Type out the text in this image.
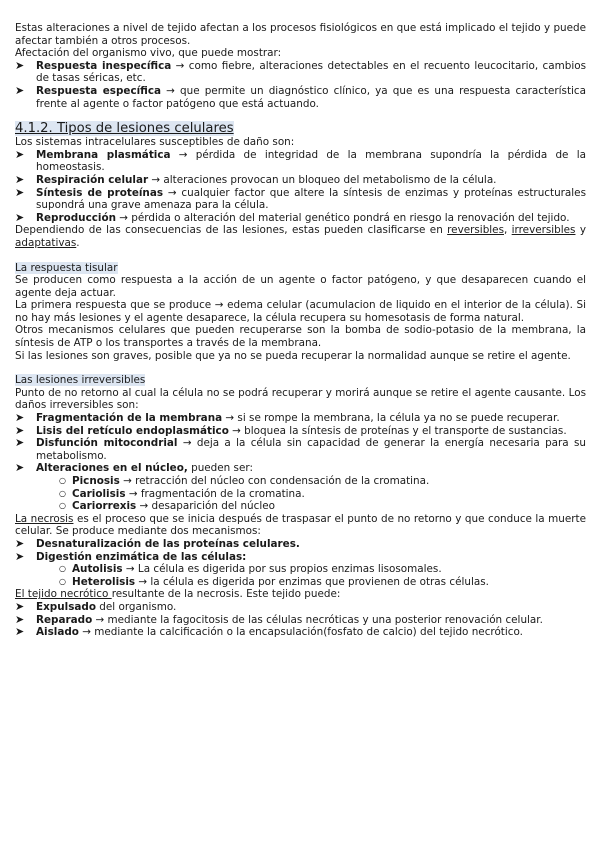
Estas alteraciones a nivel de tejido afectan a los procesos fisiológicos en que está implicado el tejido y puede afectar también a otros procesos.

Afectación del organismo vivo, que puede mostrar:

➤ Respuesta inespecífica → como fiebre, alteraciones detectables en el recuento leucocitario, cambios de tasas séricas, etc.
➤ Respuesta específica → que permite un diagnóstico clínico, ya que es una respuesta característica frente al agente o factor patógeno que está actuando.
4.1.2. Tipos de lesiones celulares

Los sistemas intracelulares susceptibles de daño son:

➤ Membrana plasmática → pérdida de integridad de la membrana supondría la pérdida de la homeostasis.
➤ Respiración celular → alteraciones provocan un bloqueo del metabolismo de la célula.
➤ Síntesis de proteínas → cualquier factor que altere la síntesis de enzimas y proteínas estructurales supondrá una grave amenaza para la célula.
➤ Reproducción → pérdida o alteración del material genético pondrá en riesgo la renovación del tejido.

Dependiendo de las consecuencias de las lesiones, estas pueden clasificarse en reversibles, irreversibles y adaptativas.

La respuesta tisular

Se producen como respuesta a la acción de un agente o factor patógeno, y que desaparecen cuando el agente deja actuar.

La primera respuesta que se produce → edema celular (acumulacion de liquido en el interior de la célula). Si no hay más lesiones y el agente desaparece, la célula recupera su homesotasis de forma natural.

Otros mecanismos celulares que pueden recuperarse son la bomba de sodio-potasio de la membrana, la síntesis de ATP o los transportes a través de la membrana.

Si las lesiones son graves, posible que ya no se pueda recuperar la normalidad aunque se retire el agente.

Las lesiones irreversibles

Punto de no retorno al cual la célula no se podrá recuperar y morirá aunque se retire el agente causante. Los daños irreversibles son:

➤ Fragmentación de la membrana → si se rompe la membrana, la célula ya no se puede recuperar.
➤ Lisis del retículo endoplasmático → bloquea la síntesis de proteínas y el transporte de sustancias.
➤ Disfunción mitocondrial → deja a la célula sin capacidad de generar la energía necesaria para su metabolismo.
➤ Alteraciones en el núcleo, pueden ser:
○ Picnosis → retracción del núcleo con condensación de la cromatina.
○ Cariolisis → fragmentación de la cromatina.
○ Cariorrexis → desaparición del núcleo

La necrosis es el proceso que se inicia después de traspasar el punto de no retorno y que conduce la muerte celular. Se produce mediante dos mecanismos:

➤ Desnaturalización de las proteínas celulares.
➤ Digestión enzimática de las células:
○ Autolisis → La célula es digerida por sus propios enzimas lisosomales.
○ Heterolisis → la célula es digerida por enzimas que provienen de otras células.

El tejido necrótico resultante de la necrosis. Este tejido puede:

➤ Expulsado del organismo.
➤ Reparado → mediante la fagocitosis de las células necróticas y una posterior renovación celular.
➤ Aislado → mediante la calcificación o la encapsulación(fosfato de calcio) del tejido necrótico.
